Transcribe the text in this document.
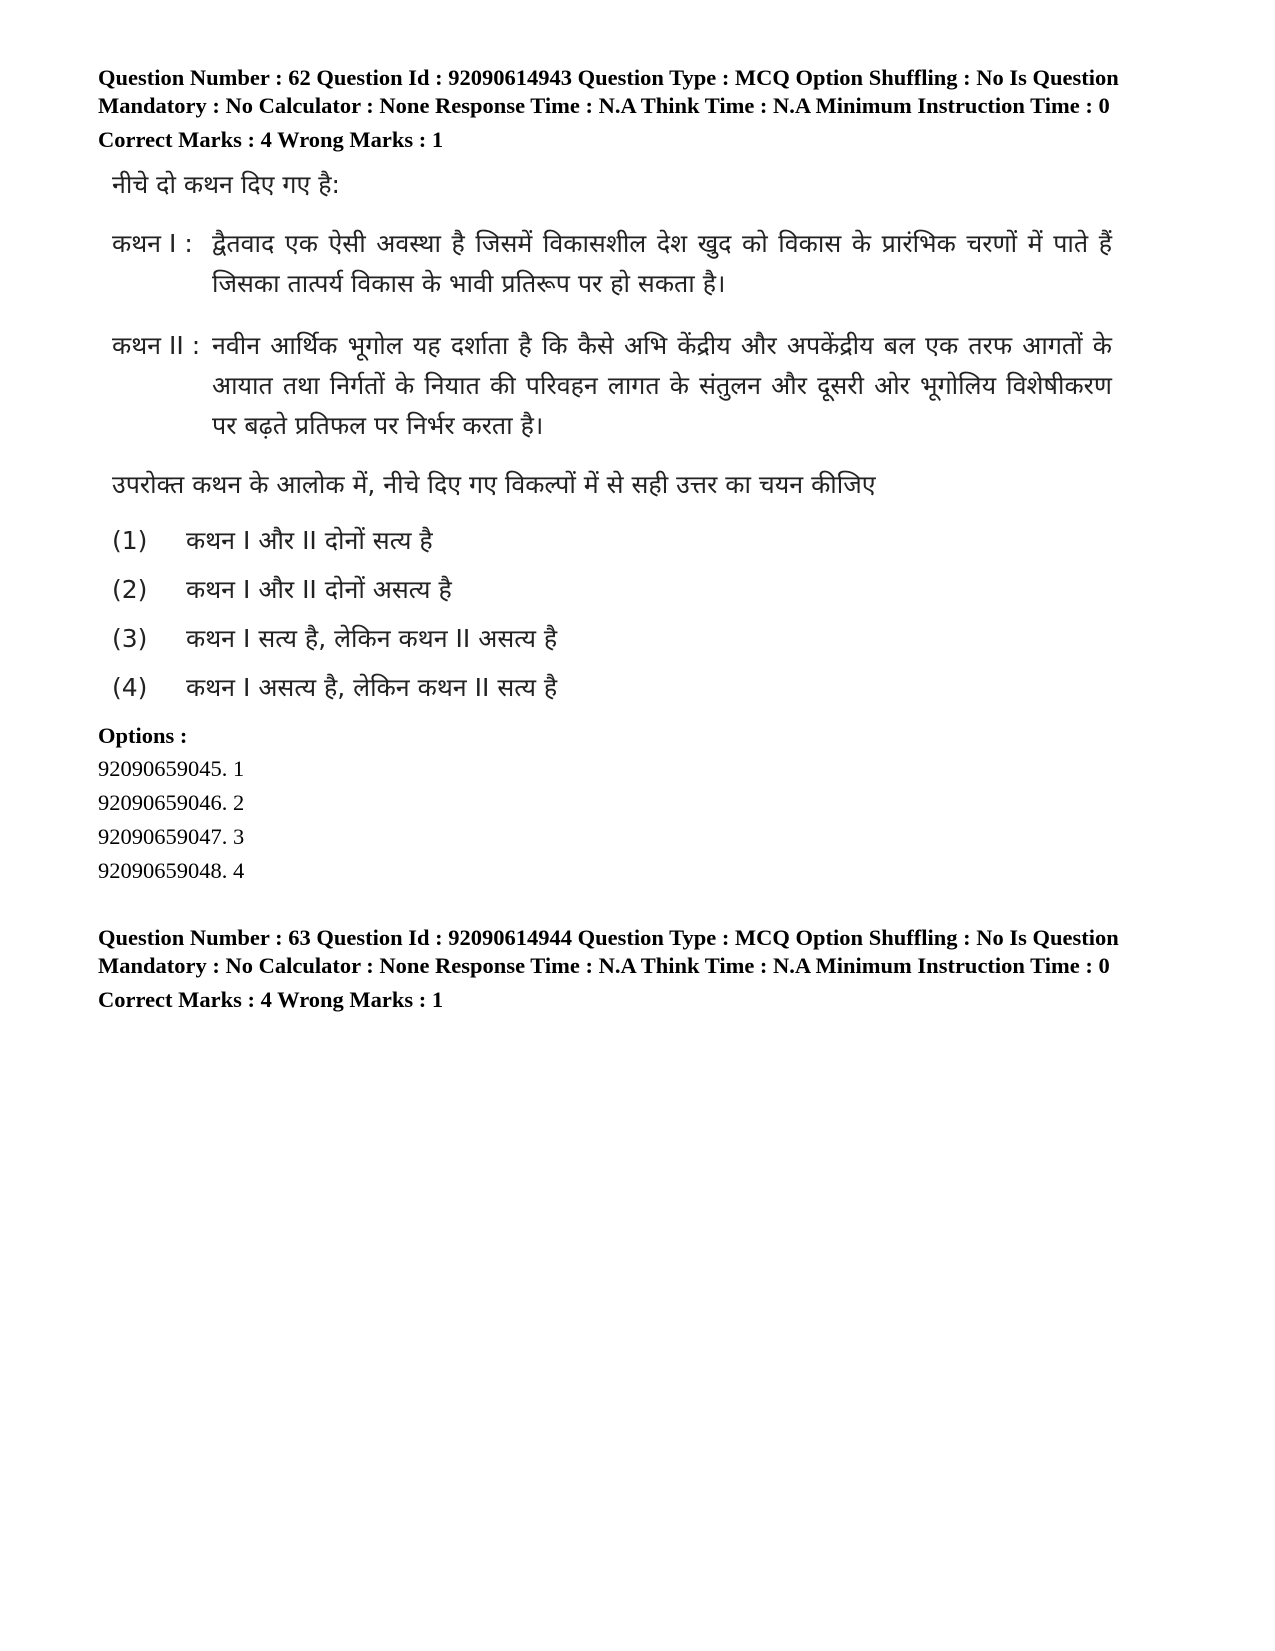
Question Number : 62 Question Id : 92090614943 Question Type : MCQ Option Shuffling : No Is Question Mandatory : No Calculator : None Response Time : N.A Think Time : N.A Minimum Instruction Time : 0

Correct Marks : 4 Wrong Marks : 1
नीचे दो कथन दिए गए है:
कथन I : द्वैतवाद एक ऐसी अवस्था है जिसमें विकासशील देश खुद को विकास के प्रारंभिक चरणों में पाते हैं जिसका तात्पर्य विकास के भावी प्रतिरूप पर हो सकता है।
कथन II : नवीन आर्थिक भूगोल यह दर्शाता है कि कैसे अभि केंद्रीय और अपकेंद्रीय बल एक तरफ आगतों के आयात तथा निर्गतों के नियात की परिवहन लागत के संतुलन और दूसरी ओर भूगोलिय विशेषीकरण पर बढ़ते प्रतिफल पर निर्भर करता है।
उपरोक्त कथन के आलोक में, नीचे दिए गए विकल्पों में से सही उत्तर का चयन कीजिए
(1)	कथन I और II दोनों सत्य है
(2)	कथन I और II दोनों असत्य है
(3)	कथन I सत्य है, लेकिन कथन II असत्य है
(4)	कथन I असत्य है, लेकिन कथन II सत्य है
Options :
92090659045. 1
92090659046. 2
92090659047. 3
92090659048. 4

Question Number : 63 Question Id : 92090614944 Question Type : MCQ Option Shuffling : No Is Question Mandatory : No Calculator : None Response Time : N.A Think Time : N.A Minimum Instruction Time : 0

Correct Marks : 4 Wrong Marks : 1
